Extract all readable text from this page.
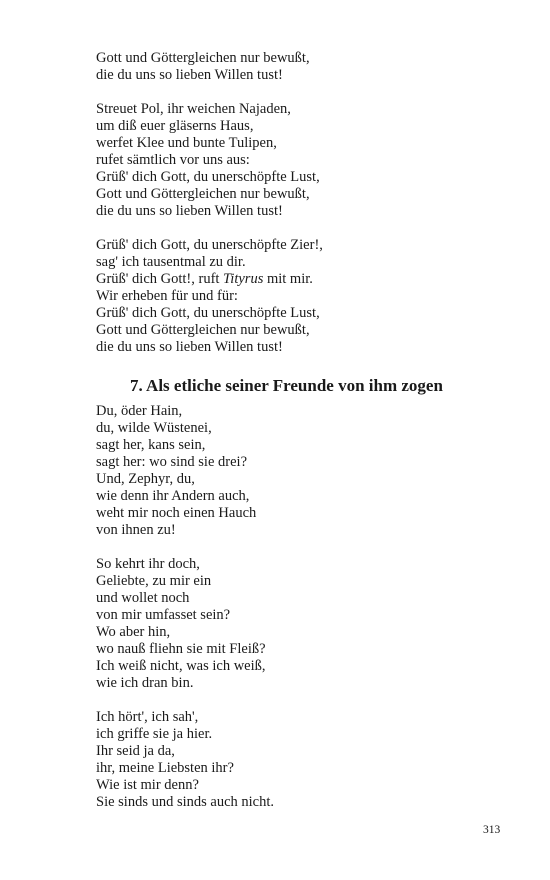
Gott und Göttergleichen nur bewußt,
die du uns so lieben Willen tust!
Streuet Pol, ihr weichen Najaden,
um diß euer gläserns Haus,
werfet Klee und bunte Tulipen,
rufet sämtlich vor uns aus:
Grüß' dich Gott, du unerschöpfte Lust,
Gott und Göttergleichen nur bewußt,
die du uns so lieben Willen tust!
Grüß' dich Gott, du unerschöpfte Zier!,
sag' ich tausentmal zu dir.
Grüß' dich Gott!, ruft Tityrus mit mir.
Wir erheben für und für:
Grüß' dich Gott, du unerschöpfte Lust,
Gott und Göttergleichen nur bewußt,
die du uns so lieben Willen tust!
7. Als etliche seiner Freunde von ihm zogen
Du, öder Hain,
du, wilde Wüstenei,
sagt her, kans sein,
sagt her: wo sind sie drei?
Und, Zephyr, du,
wie denn ihr Andern auch,
weht mir noch einen Hauch
von ihnen zu!
So kehrt ihr doch,
Geliebte, zu mir ein
und wollet noch
von mir umfasset sein?
Wo aber hin,
wo nauß fliehn sie mit Fleiß?
Ich weiß nicht, was ich weiß,
wie ich dran bin.
Ich hört', ich sah',
ich griffe sie ja hier.
Ihr seid ja da,
ihr, meine Liebsten ihr?
Wie ist mir denn?
Sie sinds und sinds auch nicht.
313
